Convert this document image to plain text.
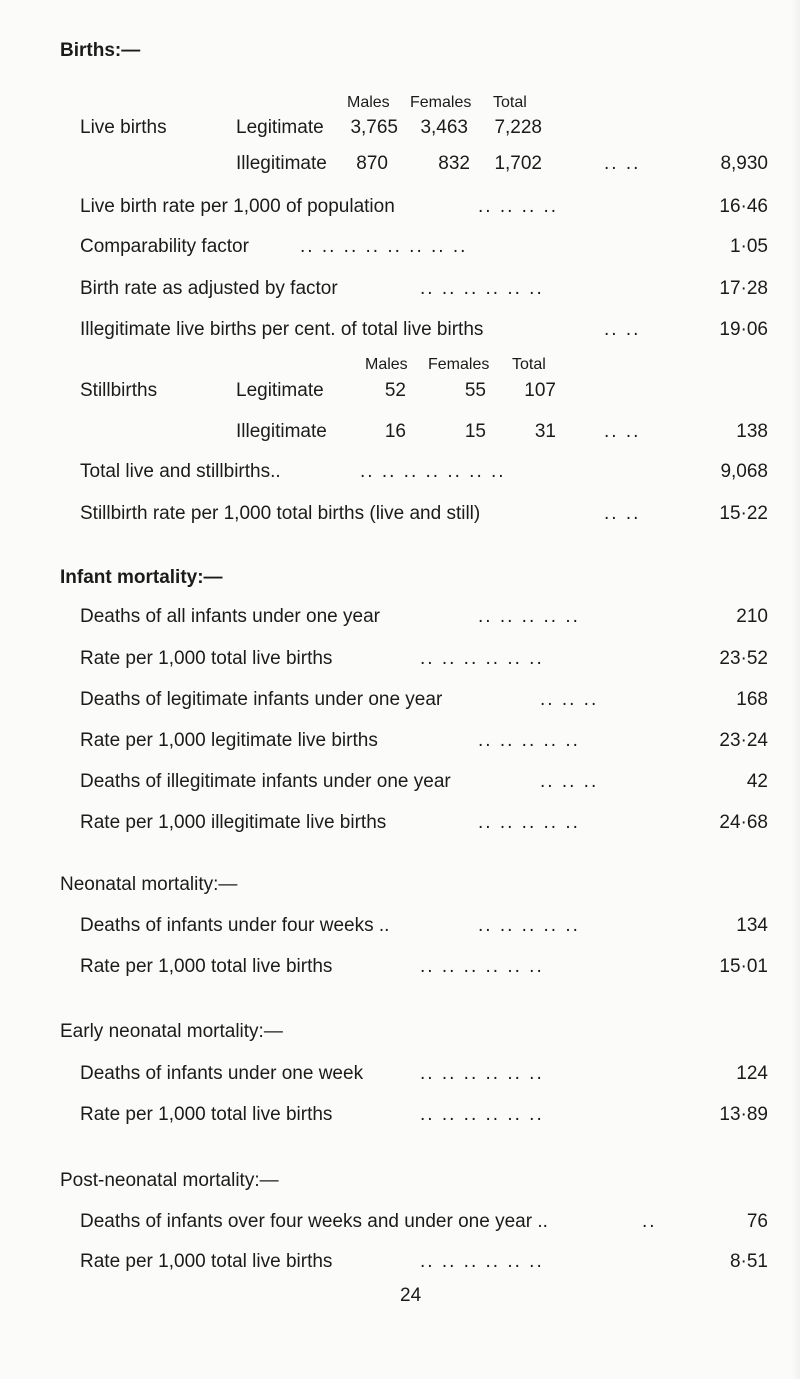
Births:—
Males Females Total
Live births	Legitimate	3,765	3,463	7,228
Illegitimate	870	832	1,702	.. ..	8,930
Live birth rate per 1,000 of population	.. .. .. ..	16·46
Comparability factor	.. .. .. .. .. .. .. ..	1·05
Birth rate as adjusted by factor	.. .. .. .. .. ..	17·28
Illegitimate live births per cent. of total live births	.. ..	19·06
Males Females Total
Stillbirths	Legitimate	52	55	107
Illegitimate	16	15	31	.. ..	138
Total live and stillbirths..	.. .. .. .. .. .. ..	9,068
Stillbirth rate per 1,000 total births (live and still)	.. ..	15·22
Infant mortality:—
Deaths of all infants under one year	.. .. .. .. ..	210
Rate per 1,000 total live births	.. .. .. .. .. ..	23·52
Deaths of legitimate infants under one year	.. .. ..	168
Rate per 1,000 legitimate live births	.. .. .. .. ..	23·24
Deaths of illegitimate infants under one year	.. .. ..	42
Rate per 1,000 illegitimate live births	.. .. .. .. ..	24·68
Neonatal mortality:—
Deaths of infants under four weeks ..	.. .. .. .. ..	134
Rate per 1,000 total live births	.. .. .. .. .. ..	15·01
Early neonatal mortality:—
Deaths of infants under one week	.. .. .. .. .. ..	124
Rate per 1,000 total live births	.. .. .. .. .. ..	13·89
Post-neonatal mortality:—
Deaths of infants over four weeks and under one year ..	..	76
Rate per 1,000 total live births	.. .. .. .. .. ..	8·51
24
